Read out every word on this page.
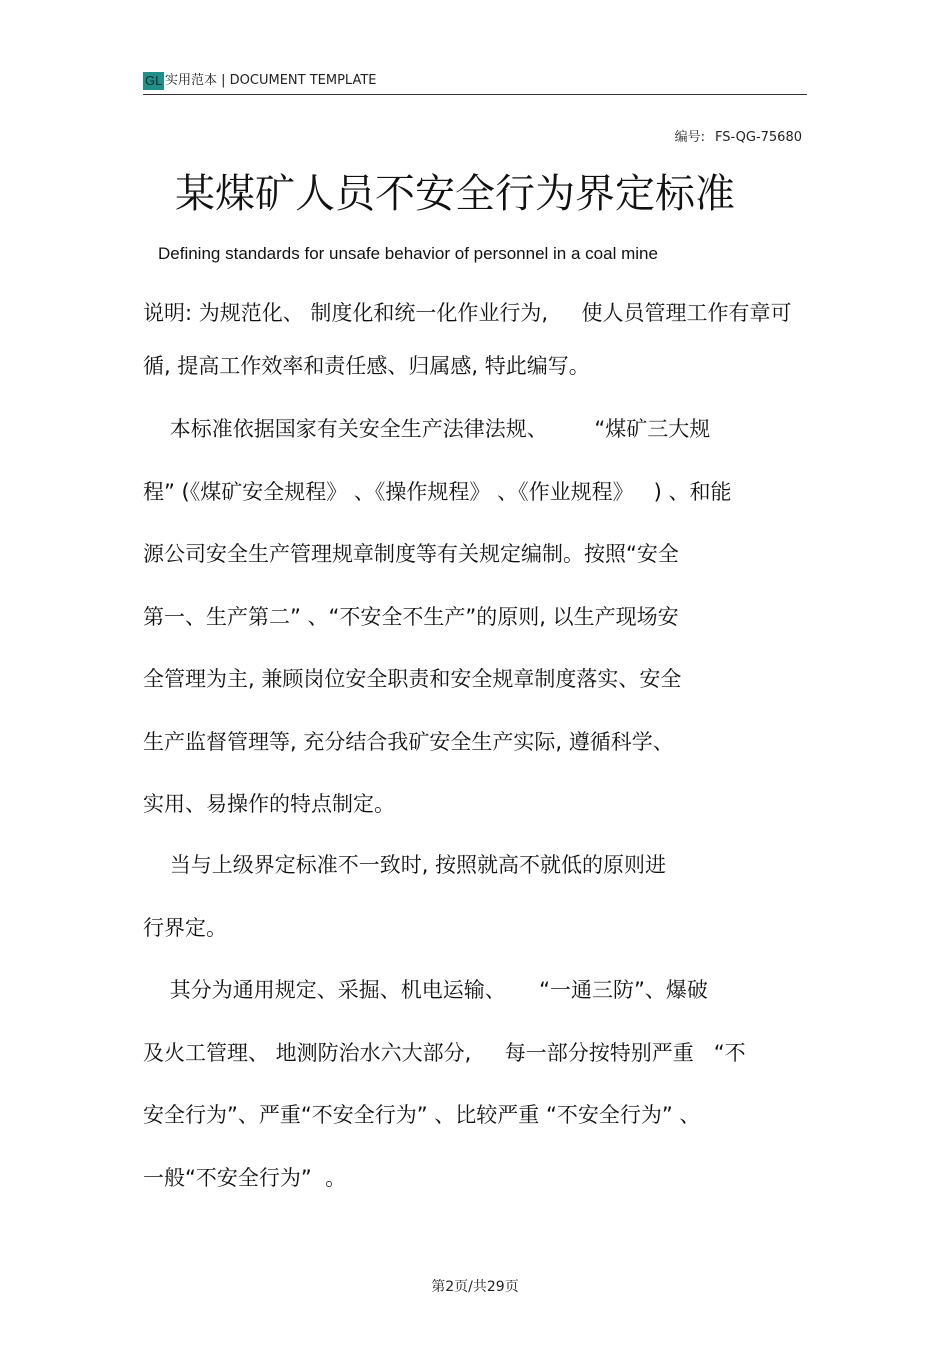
GL 实用范本 | DOCUMENT TEMPLATE
编号: FS-QG-75680
某煤矿人员不安全行为界定标准
Defining standards for unsafe behavior of personnel in a coal mine
说明: 为规范化、 制度化和统一化作业行为,     使人员管理工作有章可
循, 提高工作效率和责任感、归属感, 特此编写。
本标准依据国家有关安全生产法律法规、       “煤矿三大规
程” (《煤矿安全规程》 、《操作规程》 、《作业规程》   ) 、和能
源公司安全生产管理规章制度等有关规定编制。按照“安全
第一、生产第二” 、“不安全不生产”的原则, 以生产现场安
全管理为主, 兼顾岗位安全职责和安全规章制度落实、安全
生产监督管理等, 充分结合我矿安全生产实际, 遵循科学、
实用、易操作的特点制定。
当与上级界定标准不一致时, 按照就高不就低的原则进
行界定。
其分为通用规定、采掘、机电运输、     “一通三防”、爆破
及火工管理、 地测防治水六大部分,     每一部分按特别严重   “不
安全行为”、严重“不安全行为” 、比较严重 “不安全行为” 、
一般“不安全行为”  。
第2页/共29页
